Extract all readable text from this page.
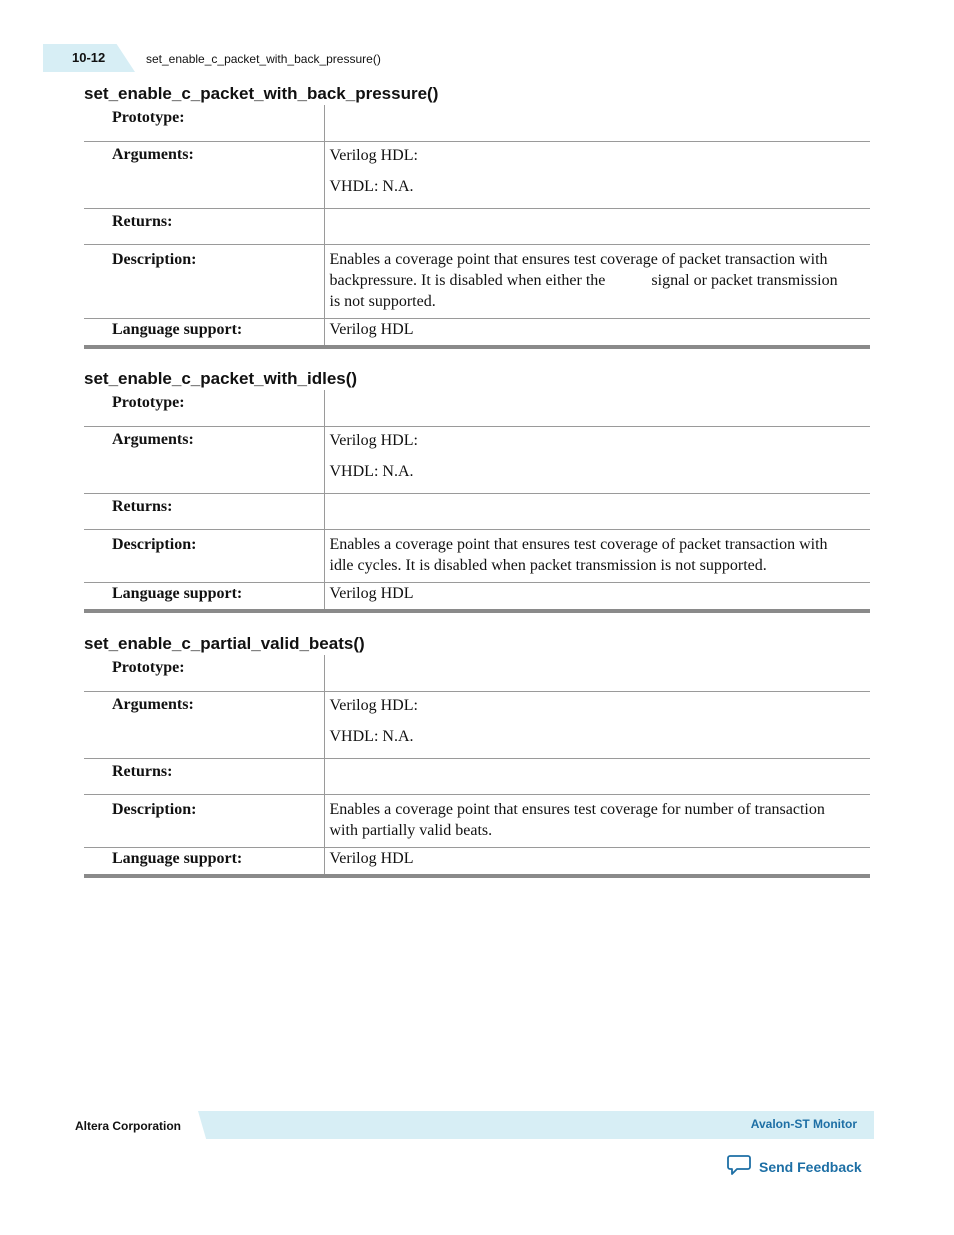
10-12	set_enable_c_packet_with_back_pressure()
set_enable_c_packet_with_back_pressure()
Prototype:	
Arguments:	Verilog HDL:
VHDL: N.A.

Returns:	
Description:	Enables a coverage point that ensures test coverage of packet transaction with backpressure. It is disabled when either the signal or packet transmission is not supported.
Language support:	Verilog HDL
set_enable_c_packet_with_idles()
Prototype:	
Arguments:	Verilog HDL:
VHDL: N.A.

Returns:	
Description:	Enables a coverage point that ensures test coverage of packet transaction with idle cycles. It is disabled when packet transmission is not supported.
Language support:	Verilog HDL
set_enable_c_partial_valid_beats()
Prototype:	
Arguments:	Verilog HDL:
VHDL: N.A.

Returns:	
Description:	Enables a coverage point that ensures test coverage for number of transaction with partially valid beats.
Language support:	Verilog HDL
Altera Corporation	Avalon-ST Monitor
Send Feedback
